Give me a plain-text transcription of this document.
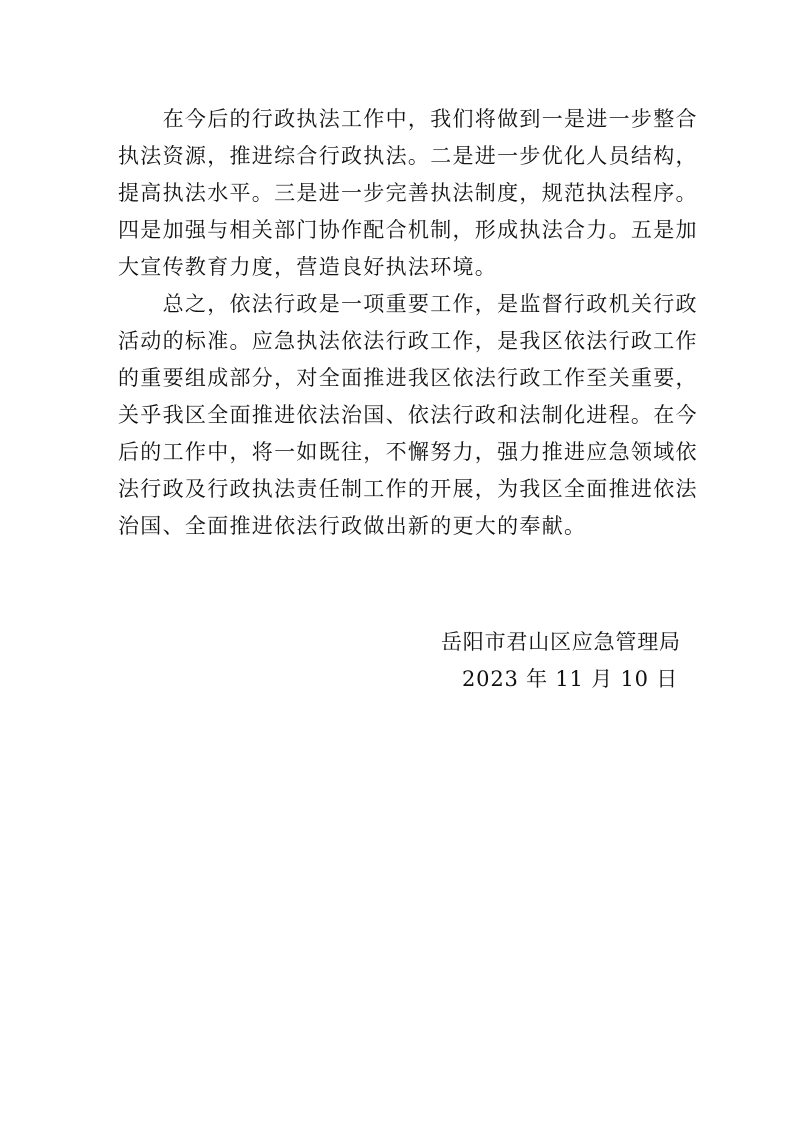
　　在今后的行政执法工作中，我们将做到一是进一步整合
执法资源，推进综合行政执法。二是进一步优化人员结构，
提高执法水平。三是进一步完善执法制度，规范执法程序。
四是加强与相关部门协作配合机制，形成执法合力。五是加
大宣传教育力度，营造良好执法环境。
　　总之，依法行政是一项重要工作，是监督行政机关行政
活动的标准。应急执法依法行政工作，是我区依法行政工作
的重要组成部分，对全面推进我区依法行政工作至关重要，
关乎我区全面推进依法治国、依法行政和法制化进程。在今
后的工作中，将一如既往，不懈努力，强力推进应急领域依
法行政及行政执法责任制工作的开展，为我区全面推进依法
治国、全面推进依法行政做出新的更大的奉献。
岳阳市君山区应急管理局
2023 年 11 月 10 日
